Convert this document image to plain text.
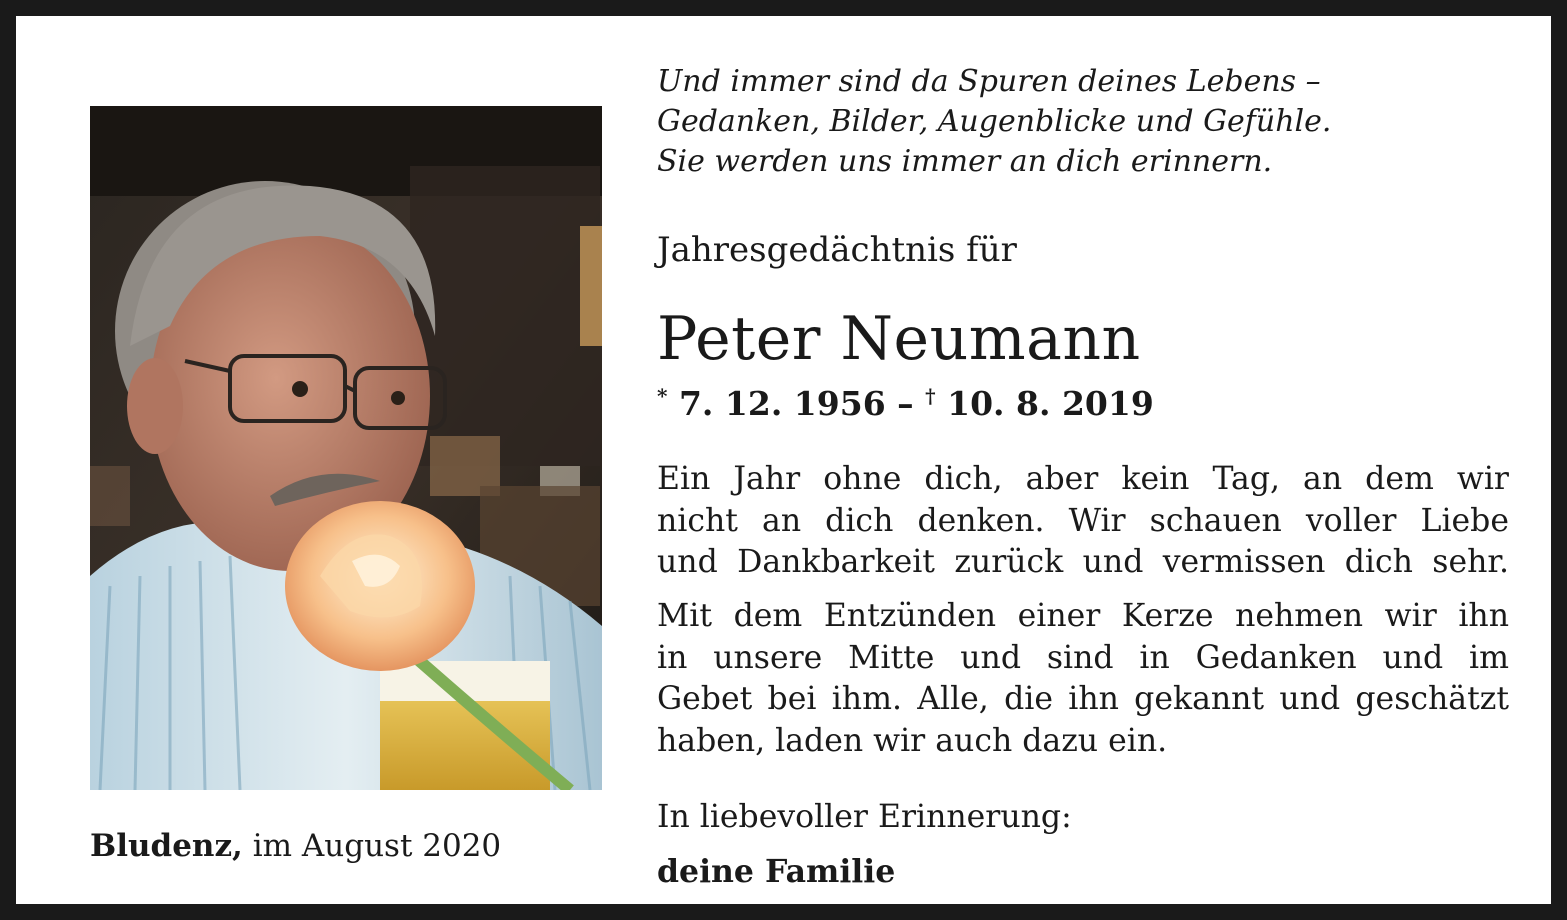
Bludenz, im August 2020
Und immer sind da Spuren deines Lebens –
Gedanken, Bilder, Augenblicke und Gefühle.
Sie werden uns immer an dich erinnern.
Jahresgedächtnis für
Peter Neumann
* 7. 12. 1956 – † 10. 8. 2019
Ein Jahr ohne dich, aber kein Tag, an dem wir
nicht an dich denken. Wir schauen voller Liebe
und Dankbarkeit zurück und vermissen dich sehr.
Mit dem Entzünden einer Kerze nehmen wir ihn
in unsere Mitte und sind in Gedanken und im
Gebet bei ihm. Alle, die ihn gekannt und geschätzt
haben, laden wir auch dazu ein.
In liebevoller Erinnerung:
deine Familie
